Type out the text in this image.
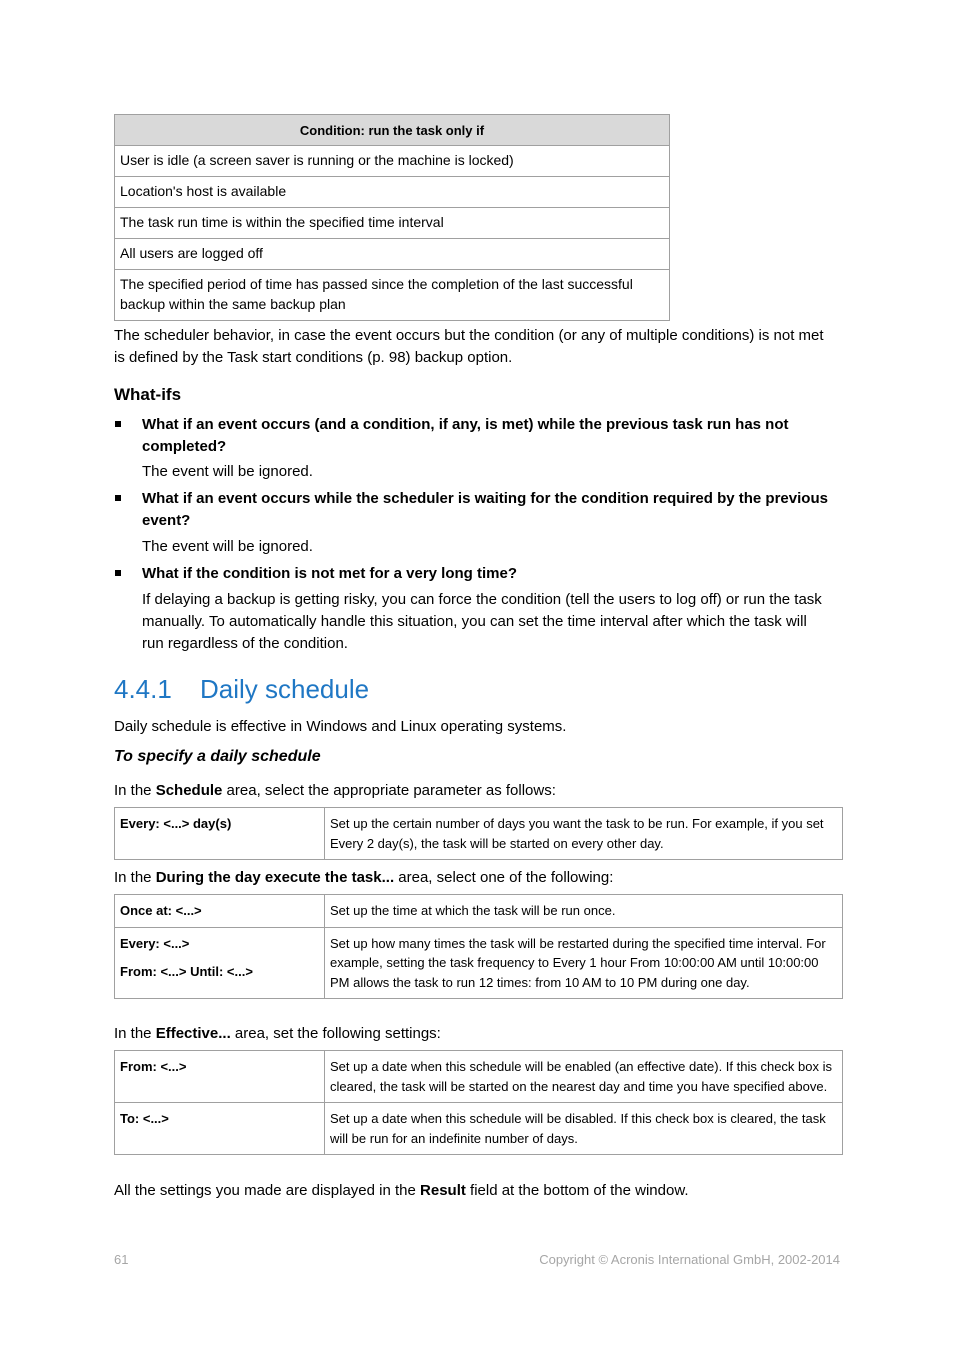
Condition: run the task only if
User is idle (a screen saver is running or the machine is locked)
Location's host is available
The task run time is within the specified time interval
All users are logged off
The specified period of time has passed since the completion of the last successful backup within the same backup plan
The scheduler behavior, in case the event occurs but the condition (or any of multiple conditions) is not met is defined by the Task start conditions (p. 98) backup option.
What-ifs
What if an event occurs (and a condition, if any, is met) while the previous task run has not completed?
The event will be ignored.
What if an event occurs while the scheduler is waiting for the condition required by the previous event?
The event will be ignored.
What if the condition is not met for a very long time?
If delaying a backup is getting risky, you can force the condition (tell the users to log off) or run the task manually. To automatically handle this situation, you can set the time interval after which the task will run regardless of the condition.
4.4.1 Daily schedule
Daily schedule is effective in Windows and Linux operating systems.
To specify a daily schedule
In the Schedule area, select the appropriate parameter as follows:
Every: <...> day(s)	Set up the certain number of days you want the task to be run. For example, if you set Every 2 day(s), the task will be started on every other day.
In the During the day execute the task... area, select one of the following:
Once at: <...>	Set up the time at which the task will be run once.

Every: <...>
From: <...> Until: <...>	Set up how many times the task will be restarted during the specified time interval. For example, setting the task frequency to Every 1 hour From 10:00:00 AM until 10:00:00 PM allows the task to run 12 times: from 10 AM to 10 PM during one day.
In the Effective... area, set the following settings:
From: <...>	Set up a date when this schedule will be enabled (an effective date). If this check box is cleared, the task will be started on the nearest day and time you have specified above.
To: <...>	Set up a date when this schedule will be disabled. If this check box is cleared, the task will be run for an indefinite number of days.
All the settings you made are displayed in the Result field at the bottom of the window.
61	Copyright © Acronis International GmbH, 2002-2014
